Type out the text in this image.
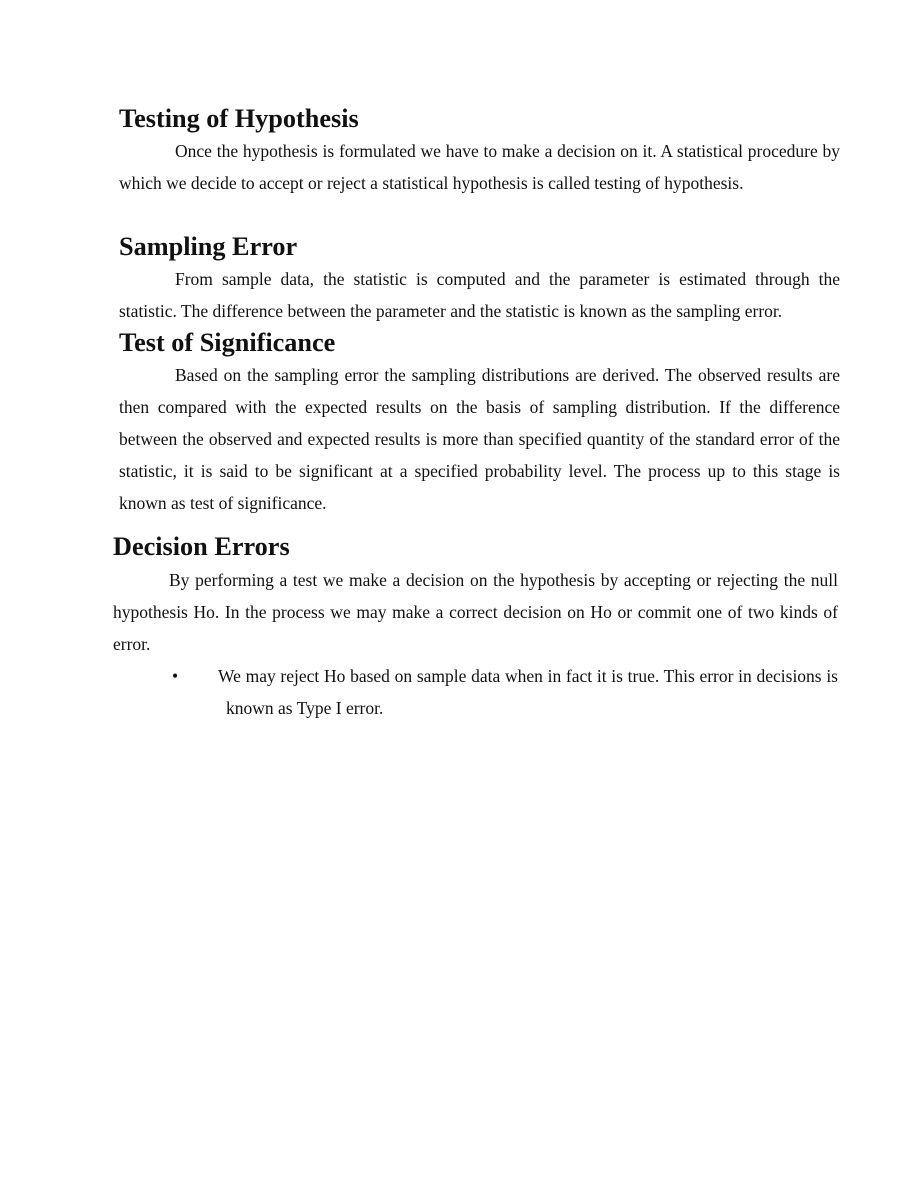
Testing of Hypothesis

Once the hypothesis is formulated we have to make a decision on it. A statistical procedure by which we decide to accept or reject a statistical hypothesis is called testing of hypothesis.

Sampling Error

From sample data, the statistic is computed and the parameter is estimated through the statistic. The difference between the parameter and the statistic is known as the sampling error.

Test of Significance

Based on the sampling error the sampling distributions are derived. The observed results are then compared with the expected results on the basis of sampling distribution. If the difference between the observed and expected results is more than specified quantity of the standard error of the statistic, it is said to be significant at a specified probability level. The process up to this stage is known as test of significance.

Decision Errors

By performing a test we make a decision on the hypothesis by accepting or rejecting the null hypothesis Ho. In the process we may make a correct decision on Ho or commit one of two kinds of error.

• We may reject Ho based on sample data when in fact it is true. This error in decisions is known as Type I error.
